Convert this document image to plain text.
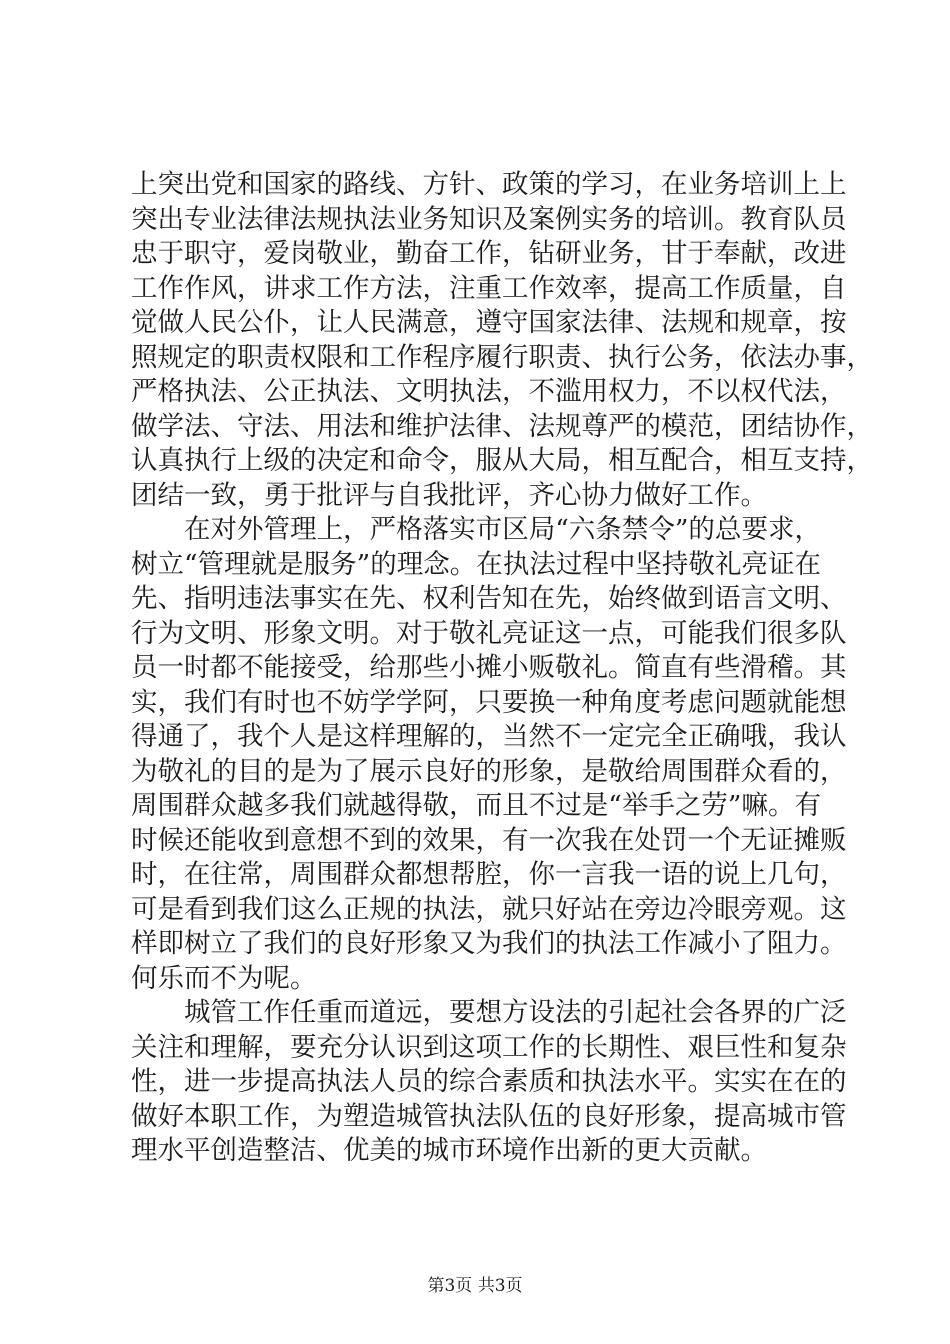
上突出党和国家的路线、方针、政策的学习，在业务培训上上
突出专业法律法规执法业务知识及案例实务的培训。教育队员
忠于职守，爱岗敬业，勤奋工作，钻研业务，甘于奉献，改进
工作作风，讲求工作方法，注重工作效率，提高工作质量，自
觉做人民公仆，让人民满意，遵守国家法律、法规和规章，按
照规定的职责权限和工作程序履行职责、执行公务，依法办事，
严格执法、公正执法、文明执法，不滥用权力，不以权代法，
做学法、守法、用法和维护法律、法规尊严的模范，团结协作，
认真执行上级的决定和命令，服从大局，相互配合，相互支持，
团结一致，勇于批评与自我批评，齐心协力做好工作。
在对外管理上，严格落实市区局“六条禁令”的总要求，
树立“管理就是服务”的理念。在执法过程中坚持敬礼亮证在
先、指明违法事实在先、权利告知在先，始终做到语言文明、
行为文明、形象文明。对于敬礼亮证这一点，可能我们很多队
员一时都不能接受，给那些小摊小贩敬礼。简直有些滑稽。其
实，我们有时也不妨学学阿，只要换一种角度考虑问题就能想
得通了，我个人是这样理解的，当然不一定完全正确哦，我认
为敬礼的目的是为了展示良好的形象，是敬给周围群众看的，
周围群众越多我们就越得敬，而且不过是“举手之劳”嘛。有
时候还能收到意想不到的效果，有一次我在处罚一个无证摊贩
时，在往常，周围群众都想帮腔，你一言我一语的说上几句，
可是看到我们这么正规的执法，就只好站在旁边冷眼旁观。这
样即树立了我们的良好形象又为我们的执法工作减小了阻力。
何乐而不为呢。
城管工作任重而道远，要想方设法的引起社会各界的广泛
关注和理解，要充分认识到这项工作的长期性、艰巨性和复杂
性，进一步提高执法人员的综合素质和执法水平。实实在在的
做好本职工作，为塑造城管执法队伍的良好形象，提高城市管
理水平创造整洁、优美的城市环境作出新的更大贡献。
第3页 共3页
